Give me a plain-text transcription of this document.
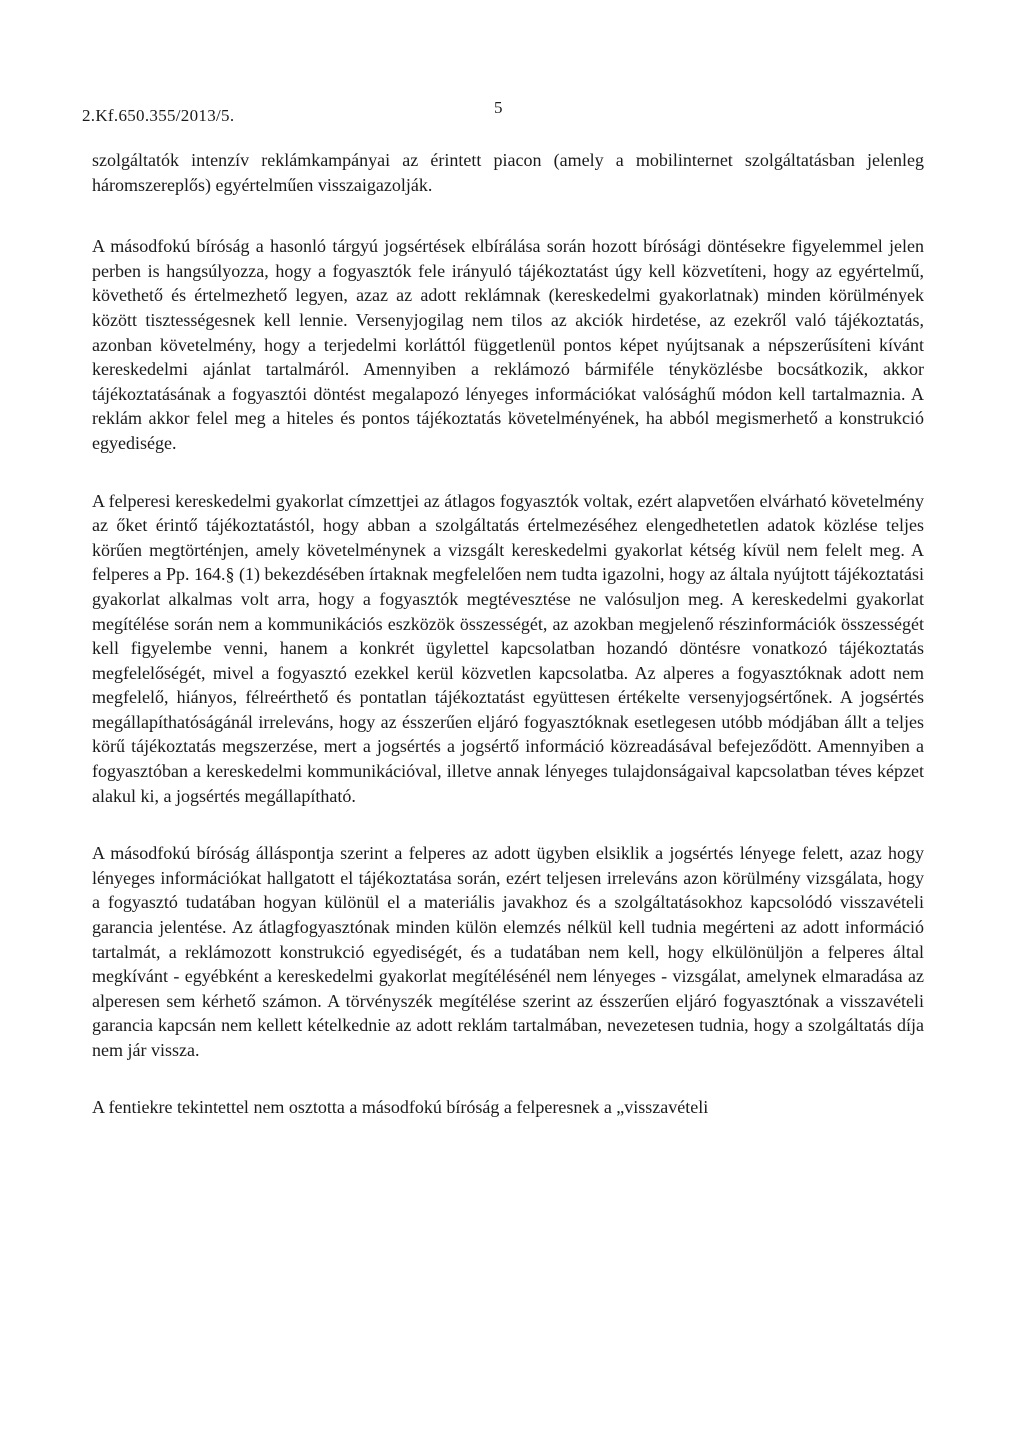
2.Kf.650.355/2013/5.	5

szolgáltatók intenzív reklámkampányai az érintett piacon (amely a mobilinternet szolgáltatásban jelenleg háromszereplős) egyértelműen visszaigazolják.

A másodfokú bíróság a hasonló tárgyú jogsértések elbírálása során hozott bírósági döntésekre figyelemmel jelen perben is hangsúlyozza, hogy a fogyasztók fele irányuló tájékoztatást úgy kell közvetíteni, hogy az egyértelmű, követhető és értelmezhető legyen, azaz az adott reklámnak (kereskedelmi gyakorlatnak) minden körülmények között tisztességesnek kell lennie. Versenyjogilag nem tilos az akciók hirdetése, az ezekről való tájékoztatás, azonban követelmény, hogy a terjedelmi korláttól függetlenül pontos képet nyújtsanak a népszerűsíteni kívánt kereskedelmi ajánlat tartalmáról. Amennyiben a reklámozó bármiféle tényközlésbe bocsátkozik, akkor tájékoztatásának a fogyasztói döntést megalapozó lényeges információkat valósághű módon kell tartalmaznia. A reklám akkor felel meg a hiteles és pontos tájékoztatás követelményének, ha abból megismerhető a konstrukció egyedisége.

A felperesi kereskedelmi gyakorlat címzettjei az átlagos fogyasztók voltak, ezért alapvetően elvárható követelmény az őket érintő tájékoztatástól, hogy abban a szolgáltatás értelmezéséhez elengedhetetlen adatok közlése teljes körűen megtörténjen, amely követelménynek a vizsgált kereskedelmi gyakorlat kétség kívül nem felelt meg. A felperes a Pp. 164.§ (1) bekezdésében írtaknak megfelelően nem tudta igazolni, hogy az általa nyújtott tájékoztatási gyakorlat alkalmas volt arra, hogy a fogyasztók megtévesztése ne valósuljon meg. A kereskedelmi gyakorlat megítélése során nem a kommunikációs eszközök összességét, az azokban megjelenő részinformációk összességét kell figyelembe venni, hanem a konkrét ügylettel kapcsolatban hozandó döntésre vonatkozó tájékoztatás megfelelőségét, mivel a fogyasztó ezekkel kerül közvetlen kapcsolatba. Az alperes a fogyasztóknak adott nem megfelelő, hiányos, félreérthető és pontatlan tájékoztatást együttesen értékelte versenyjogsértőnek. A jogsértés megállapíthatóságánál irreleváns, hogy az ésszerűen eljáró fogyasztóknak esetlegesen utóbb módjában állt a teljes körű tájékoztatás megszerzése, mert a jogsértés a jogsértő információ közreadásával befejeződött. Amennyiben a fogyasztóban a kereskedelmi kommunikációval, illetve annak lényeges tulajdonságaival kapcsolatban téves képzet alakul ki, a jogsértés megállapítható.

A másodfokú bíróság álláspontja szerint a felperes az adott ügyben elsiklik a jogsértés lényege felett, azaz hogy lényeges információkat hallgatott el tájékoztatása során, ezért teljesen irreleváns azon körülmény vizsgálata, hogy a fogyasztó tudatában hogyan különül el a materiális javakhoz és a szolgáltatásokhoz kapcsolódó visszavételi garancia jelentése. Az átlagfogyasztónak minden külön elemzés nélkül kell tudnia megérteni az adott információ tartalmát, a reklámozott konstrukció egyediségét, és a tudatában nem kell, hogy elkülönüljön a felperes által megkívánt - egyébként a kereskedelmi gyakorlat megítélésénél nem lényeges - vizsgálat, amelynek elmaradása az alperesen sem kérhető számon. A törvényszék megítélése szerint az ésszerűen eljáró fogyasztónak a visszavételi garancia kapcsán nem kellett kételkednie az adott reklám tartalmában, nevezetesen tudnia, hogy a szolgáltatás díja nem jár vissza.

A fentiekre tekintettel nem osztotta a másodfokú bíróság a felperesnek a „visszavételi
